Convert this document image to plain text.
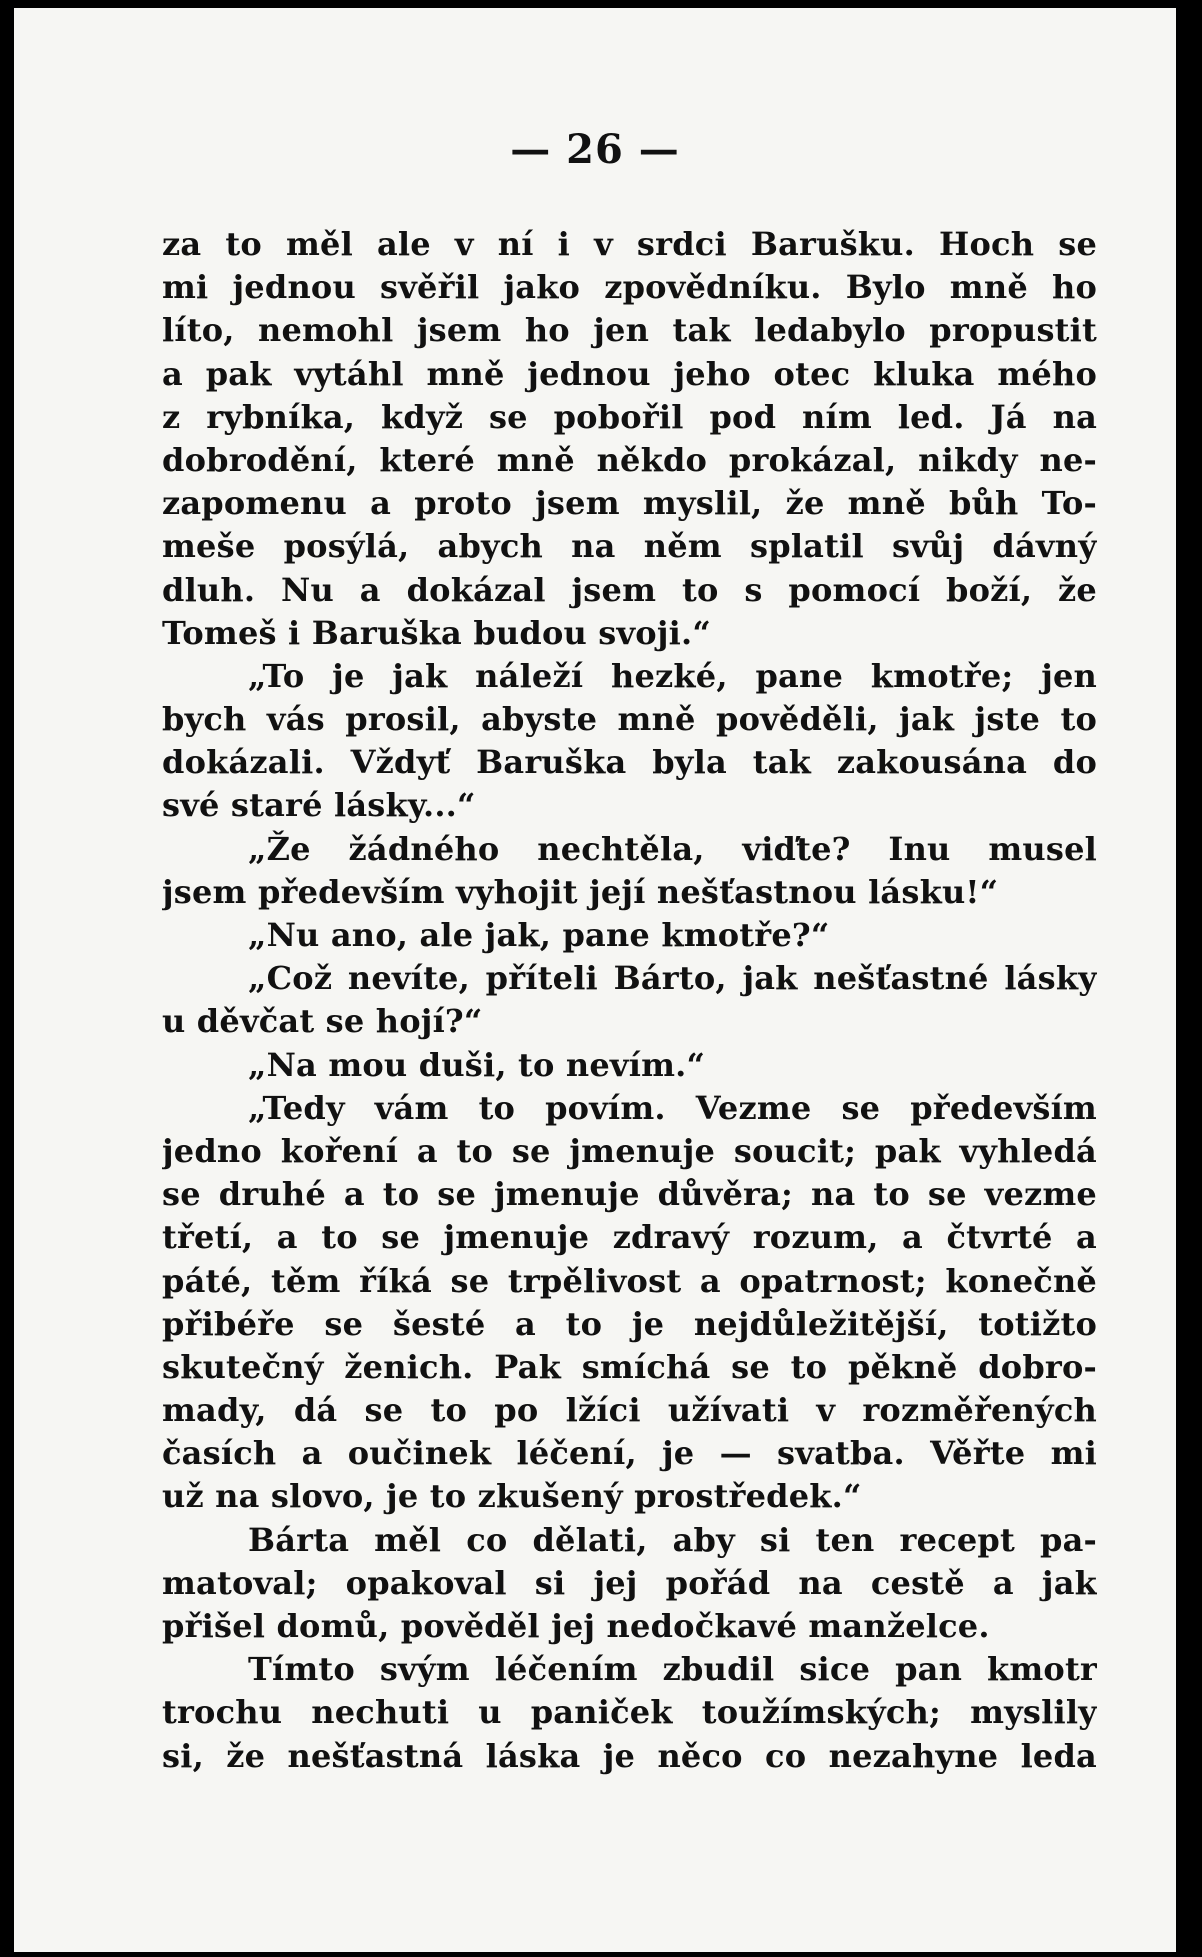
— 26 —
za to měl ale v ní i v srdci Barušku. Hoch se
mi jednou svěřil jako zpovědníku. Bylo mně ho
líto, nemohl jsem ho jen tak ledabylo propustit
a pak vytáhl mně jednou jeho otec kluka mého
z rybníka, když se pobořil pod ním led. Já na
dobrodění, které mně někdo prokázal, nikdy ne-
zapomenu a proto jsem myslil, že mně bůh To-
meše posýlá, abych na něm splatil svůj dávný
dluh. Nu a dokázal jsem to s pomocí boží, že
Tomeš i Baruška budou svoji.“
„To je jak náleží hezké, pane kmotře; jen
bych vás prosil, abyste mně pověděli, jak jste to
dokázali. Vždyť Baruška byla tak zakousána do
své staré lásky...“
„Že žádného nechtěla, viďte? Inu musel
jsem především vyhojit její nešťastnou lásku!“
„Nu ano, ale jak, pane kmotře?“
„Což nevíte, příteli Bárto, jak nešťastné lásky
u děvčat se hojí?“
„Na mou duši, to nevím.“
„Tedy vám to povím. Vezme se především
jedno koření a to se jmenuje soucit; pak vyhledá
se druhé a to se jmenuje důvěra; na to se vezme
třetí, a to se jmenuje zdravý rozum, a čtvrté a
páté, těm říká se trpělivost a opatrnost; konečně
přibéře se šesté a to je nejdůležitější, totižto
skutečný ženich. Pak smíchá se to pěkně dobro-
mady, dá se to po lžíci užívati v rozměřených
časích a oučinek léčení, je — svatba. Věřte mi
už na slovo, je to zkušený prostředek.“
Bárta měl co dělati, aby si ten recept pa-
matoval; opakoval si jej pořád na cestě a jak
přišel domů, pověděl jej nedočkavé manželce.
Tímto svým léčením zbudil sice pan kmotr
trochu nechuti u paniček toužímských; myslily
si, že nešťastná láska je něco co nezahyne leda
